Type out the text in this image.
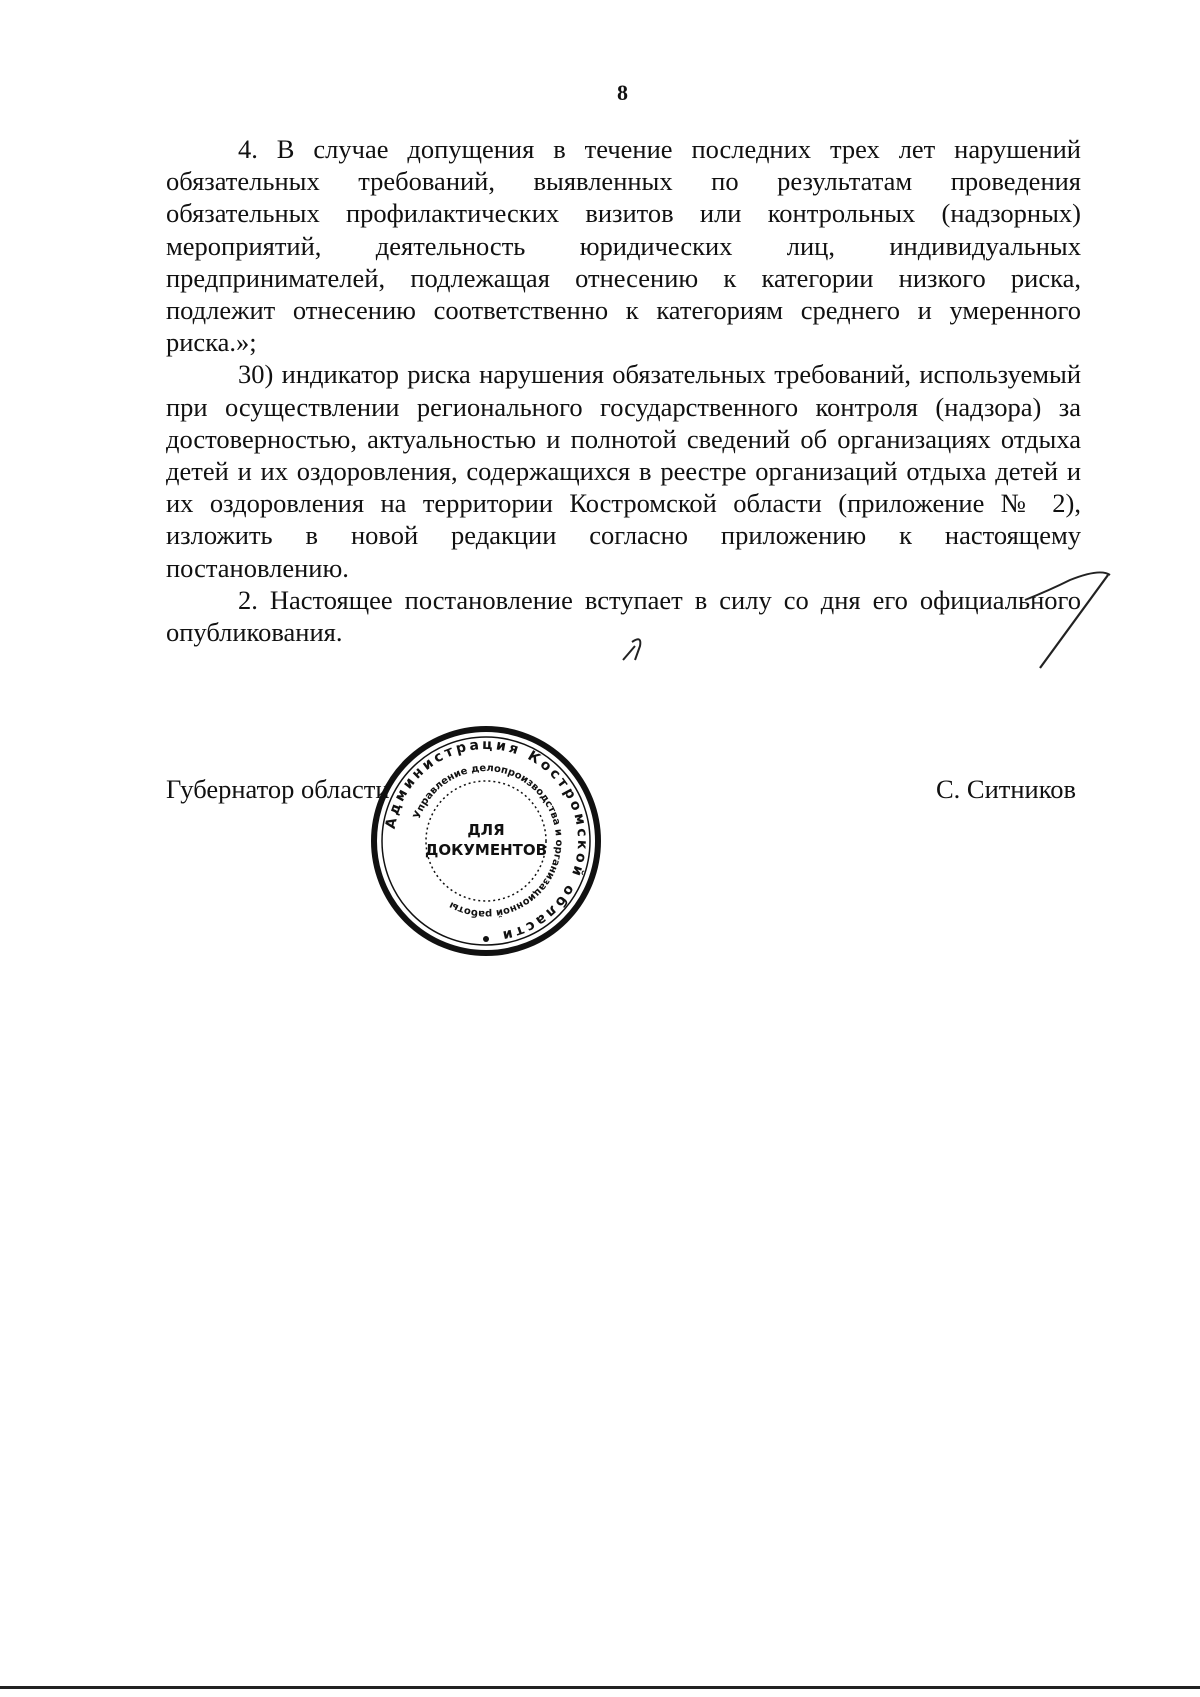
8

4. В случае допущения в течение последних трех лет нарушений обязательных требований, выявленных по результатам проведения обязательных профилактических визитов или контрольных (надзорных) мероприятий, деятельность юридических лиц, индивидуальных предпринимателей, подлежащая отнесению к категории низкого риска, подлежит отнесению соответственно к категориям среднего и умеренного риска.»;

30) индикатор риска нарушения обязательных требований, используемый при осуществлении регионального государственного контроля (надзора) за достоверностью, актуальностью и полнотой сведений об организациях отдыха детей и их оздоровления, содержащихся в реестре организаций отдыха детей и их оздоровления на территории Костромской области (приложение № 2), изложить в новой редакции согласно приложению к настоящему постановлению.

2. Настоящее постановление вступает в силу со дня его официального опубликования.

Губернатор области	С. Ситников
Администрация Костромской области
Управление делопроизводства и организационной работы
ДЛЯ
ДОКУМЕНТОВ
